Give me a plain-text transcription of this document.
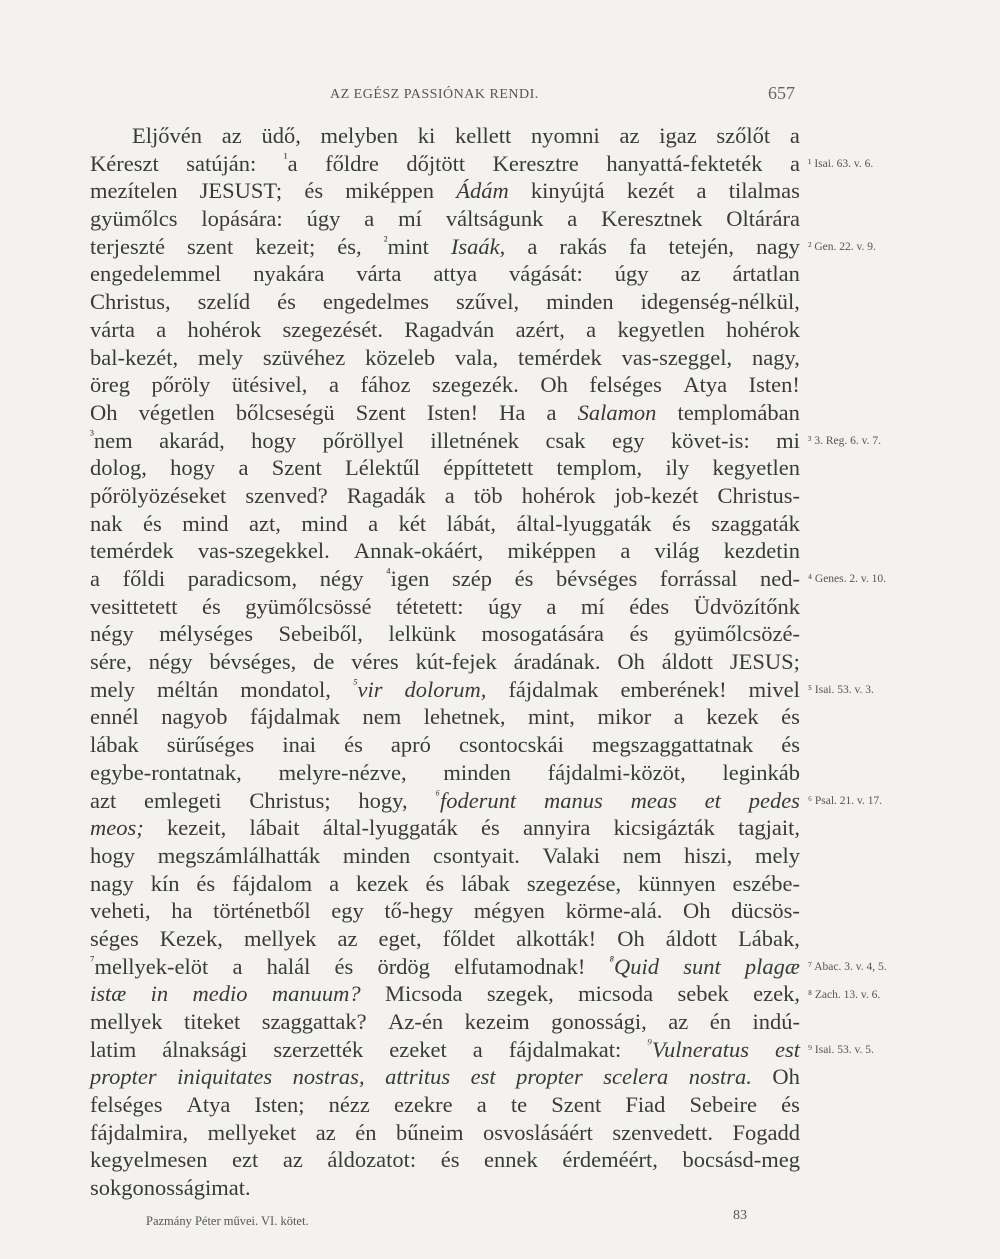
AZ EGÉSZ PASSIÓNAK RENDI.	657
Eljővén az üdő, melyben ki kellett nyomni az igaz szőlőt a
Kéreszt satúján: ¹a főldre dőjtött Keresztre hanyattá-fekteték a
mezítelen JESUST; és miképpen Ádám kinyújtá kezét a tilalmas
gyümőlcs lopására: úgy a mí váltságunk a Keresztnek Oltárára
terjeszté szent kezeit; és, ²mint Isaák, a rakás fa tetején, nagy
engedelemmel nyakára várta attya vágását: úgy az ártatlan
Christus, szelíd és engedelmes szűvel, minden idegenség-nélkül,
várta a hohérok szegezését. Ragadván azért, a kegyetlen hohérok
bal-kezét, mely szüvéhez közeleb vala, temérdek vas-szeggel, nagy,
öreg pőröly ütésivel, a fához szegezék. Oh felséges Atya Isten!
Oh végetlen bőlcseségü Szent Isten! Ha a Salamon templomában
³nem akarád, hogy pőröllyel illetnének csak egy követ-is: mi
dolog, hogy a Szent Lélektűl éppíttetett templom, ily kegyetlen
pőrölyözéseket szenved? Ragadák a töb hohérok job-kezét Christus-
nak és mind azt, mind a két lábát, által-lyuggaták és szaggaták
temérdek vas-szegekkel. Annak-okáért, miképpen a világ kezdetin
a főldi paradicsom, négy ⁴igen szép és bévséges forrással ned-
vesittetett és gyümőlcsössé tétetett: úgy a mí édes Üdvözítőnk
négy mélységes Sebeiből, lelkünk mosogatására és gyümőlcsözé-
sére, négy bévséges, de véres kút-fejek áradának. Oh áldott JESUS;
mely méltán mondatol, ⁵vir dolorum, fájdalmak emberének! mivel
ennél nagyob fájdalmak nem lehetnek, mint, mikor a kezek és
lábak sürűséges inai és apró csontocskái megszaggattatnak és
egybe-rontatnak, melyre-nézve, minden fájdalmi-közöt, leginkáb
azt emlegeti Christus; hogy, ⁶foderunt manus meas et pedes
meos; kezeit, lábait által-lyuggaták és annyira kicsigázták tagjait,
hogy megszámlálhatták minden csontyait. Valaki nem hiszi, mely
nagy kín és fájdalom a kezek és lábak szegezése, künnyen eszébe-
veheti, ha történetből egy tő-hegy mégyen körme-alá. Oh dücsös-
séges Kezek, mellyek az eget, főldet alkották! Oh áldott Lábak,
⁷mellyek-elöt a halál és ördög elfutamodnak! ⁸Quid sunt plagæ
istæ in medio manuum? Micsoda szegek, micsoda sebek ezek,
mellyek titeket szaggattak? Az-én kezeim gonossági, az én indú-
latim álnaksági szerzették ezeket a fájdalmakat: ⁹Vulneratus est
propter iniquitates nostras, attritus est propter scelera nostra. Oh
felséges Atya Isten; nézz ezekre a te Szent Fiad Sebeire és
fájdalmira, mellyeket az én bűneim osvoslásáért szenvedett. Fogadd
kegyelmesen ezt az áldozatot: és ennek érdeméért, bocsásd-meg
sok gonosságimat.
¹ Isai. 63. v. 6.
² Gen. 22. v. 9.
³ 3. Reg. 6. v. 7.
⁴ Genes. 2. v. 10.
⁵ Isai. 53. v. 3.
⁶ Psal. 21. v. 17.
⁷ Abac. 3. v. 4, 5.
⁸ Zach. 13. v. 6.
⁹ Isai. 53. v. 5.
Pazmány Péter művei. VI. kötet.	83
